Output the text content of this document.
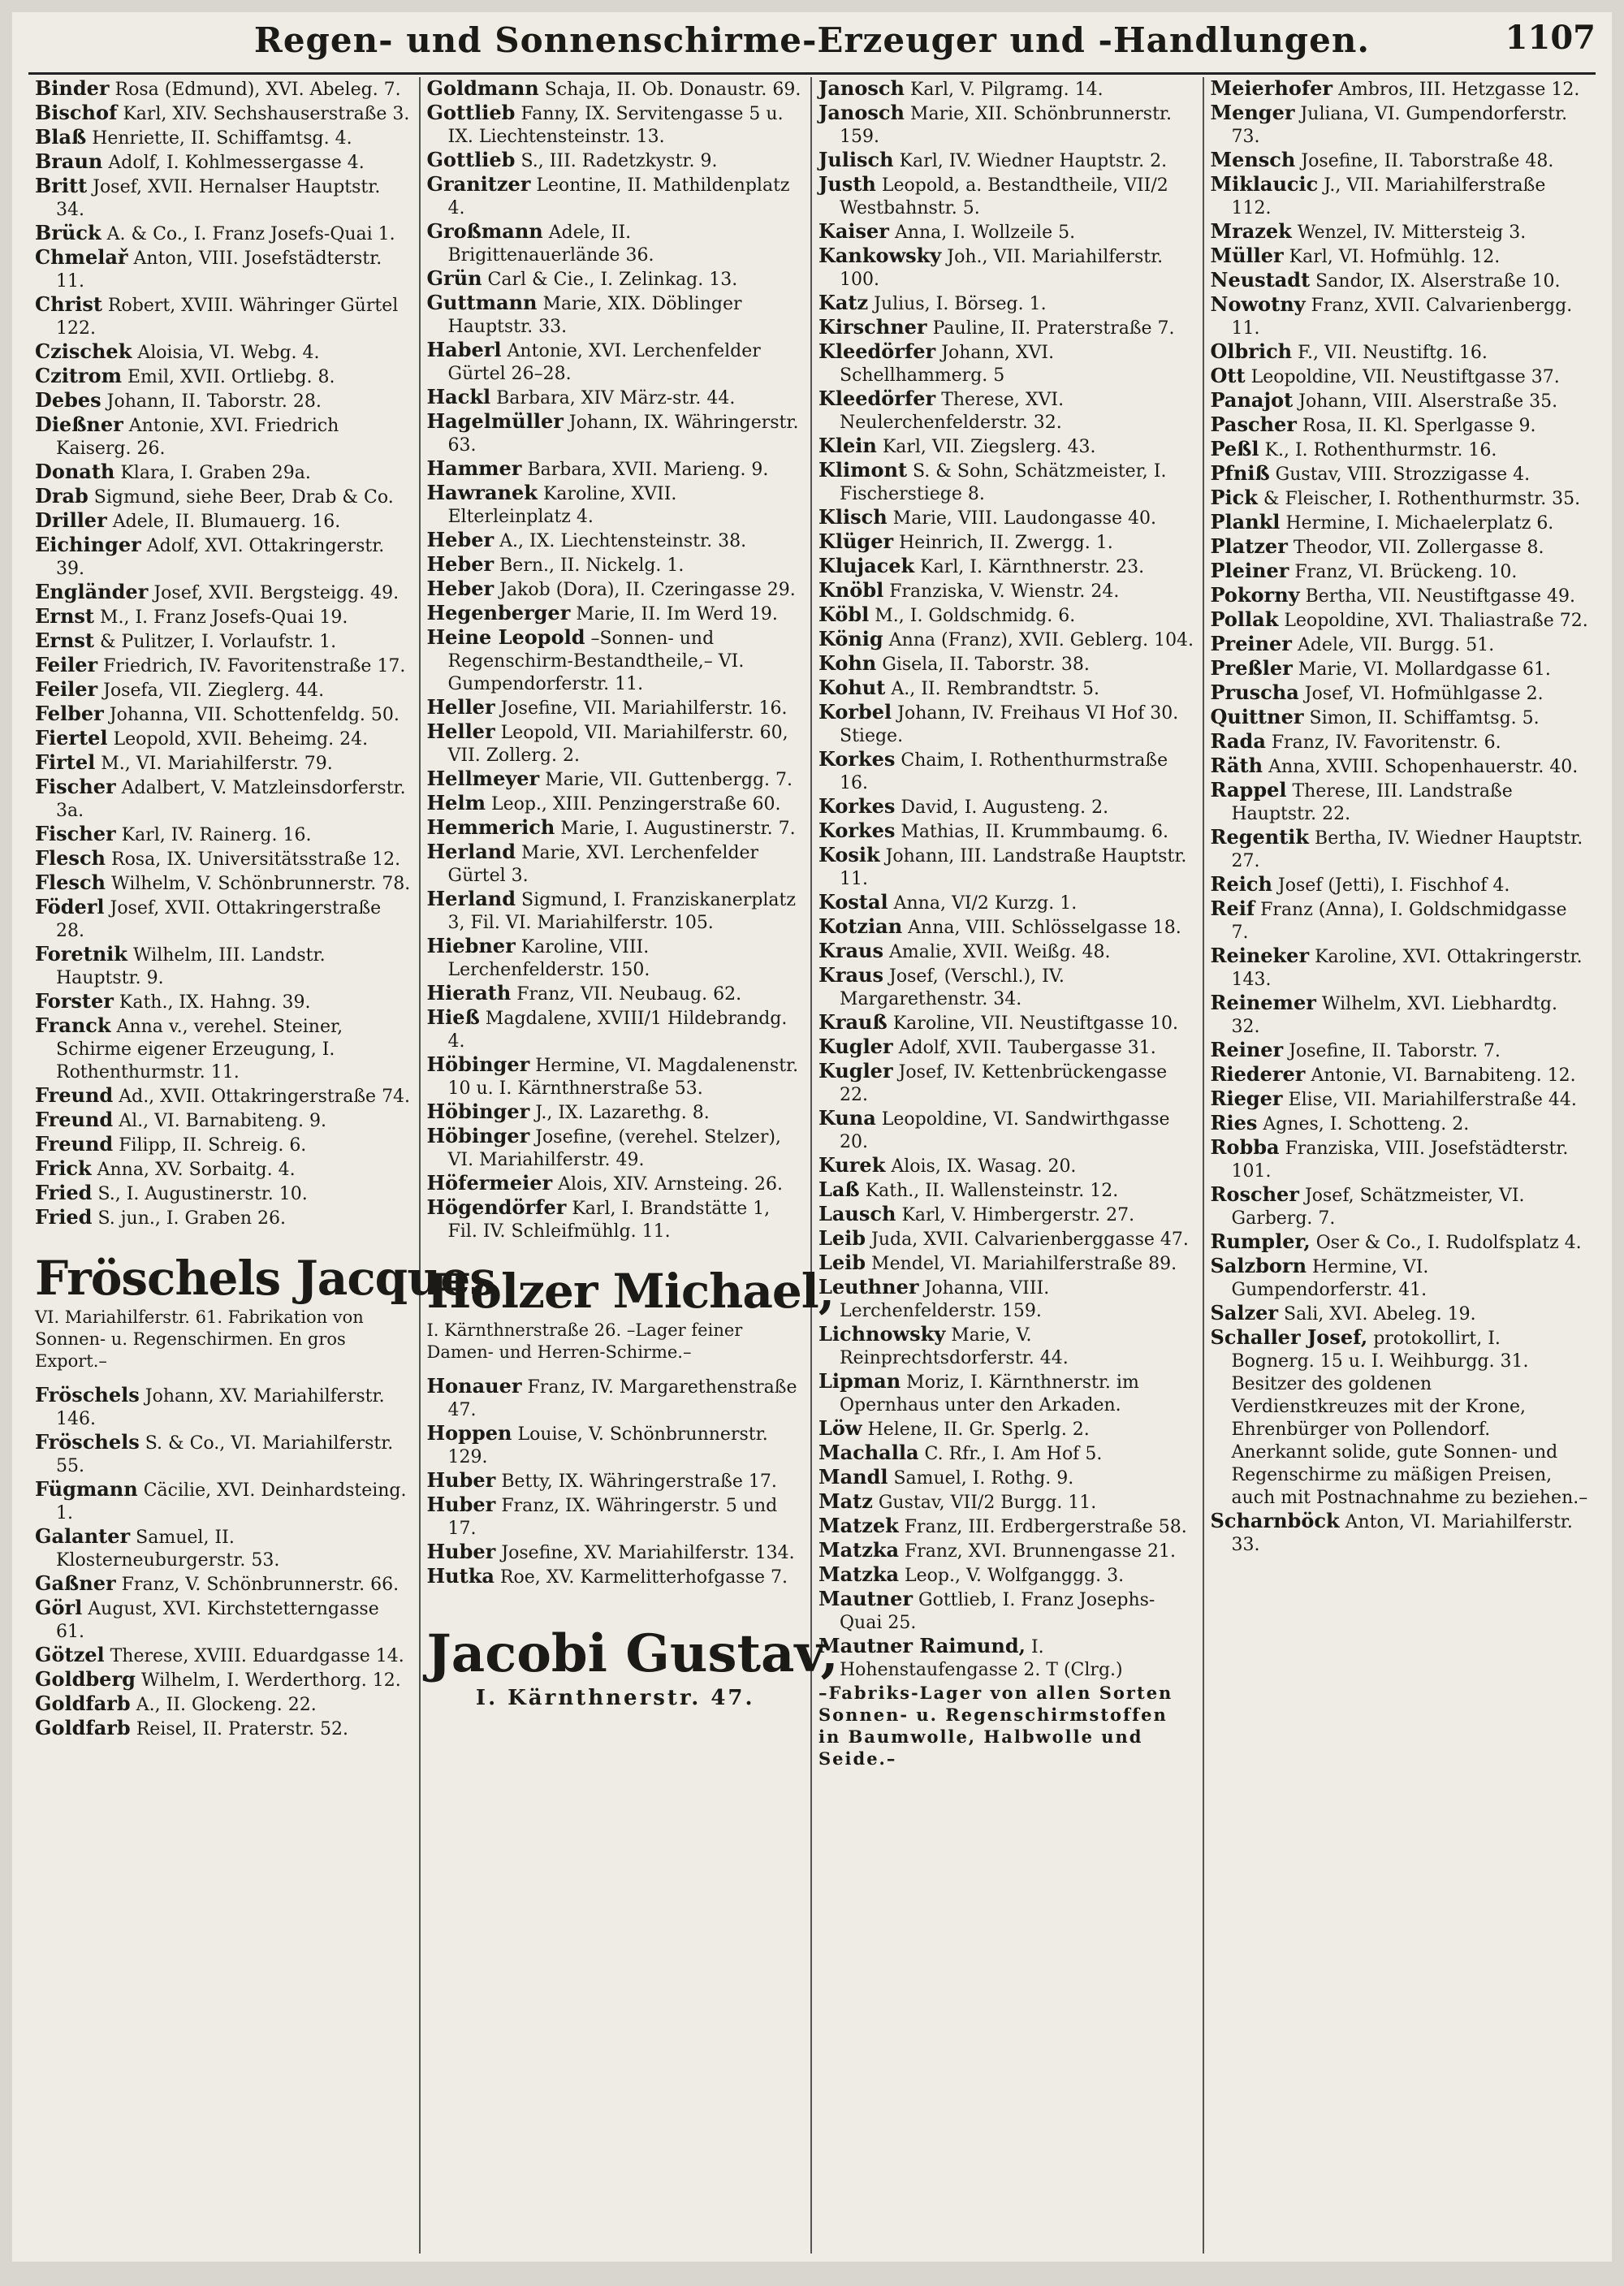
Regen- und Sonnenschirme-Erzeuger und -Handlungen.	1107
Binder Rosa (Edmund), XVI. Abeleg. 7.
Bischof Karl, XIV. Sechshauserstraße 3.
Blaß Henriette, II. Schiffamtsg. 4.
Braun Adolf, I. Kohlmessergasse 4.
Britt Josef, XVII. Hernalser Hauptstr. 34.
Brück A. & Co., I. Franz Josefs-Quai 1.
Chmelař Anton, VIII. Josefstädterstr. 11.
Christ Robert, XVIII. Währinger Gürtel 122.
Czischek Aloisia, VI. Webg. 4.
Czitrom Emil, XVII. Ortliebg. 8.
Debes Johann, II. Taborstr. 28.
Dießner Antonie, XVI. Friedrich Kaiserg. 26.
Donath Klara, I. Graben 29a.
Drab Sigmund, siehe Beer, Drab & Co.
Driller Adele, II. Blumauerg. 16.
Eichinger Adolf, XVI. Ottakringerstr. 39.
Engländer Josef, XVII. Bergsteigg. 49.
Ernst M., I. Franz Josefs-Quai 19.
Ernst & Pulitzer, I. Vorlaufstr. 1.
Feiler Friedrich, IV. Favoritenstraße 17.
Feiler Josefa, VII. Zieglerg. 44.
Felber Johanna, VII. Schottenfeldg. 50.
Fiertel Leopold, XVII. Beheimg. 24.
Firtel M., VI. Mariahilferstr. 79.
Fischer Adalbert, V. Matzleinsdorferstr. 3a.
Fischer Karl, IV. Rainerg. 16.
Flesch Rosa, IX. Universitätsstraße 12.
Flesch Wilhelm, V. Schönbrunnerstr. 78.
Föderl Josef, XVII. Ottakringerstraße 28.
Foretnik Wilhelm, III. Landstr. Hauptstr. 9.
Forster Kath., IX. Hahng. 39.
Franck Anna v., verehel. Steiner, Schirme eigener Erzeugung, I. Rothenthurmstr. 11.
Freund Ad., XVII. Ottakringerstraße 74.
Freund Al., VI. Barnabiteng. 9.
Freund Filipp, II. Schreig. 6.
Frick Anna, XV. Sorbaitg. 4.
Fried S., I. Augustinerstr. 10.
Fried S. jun., I. Graben 26.
Fröschels Jacques
VI. Mariahilferstr. 61. Fabrikation von Sonnen- u. Regenschirmen. En gros Export.–
Fröschels Johann, XV. Mariahilferstr. 146.
Fröschels S. & Co., VI. Mariahilferstr. 55.
Fügmann Cäcilie, XVI. Deinhardsteing. 1.
Galanter Samuel, II. Klosterneuburgerstr. 53.
Gaßner Franz, V. Schönbrunnerstr. 66.
Görl August, XVI. Kirchstetterngasse 61.
Götzel Therese, XVIII. Eduardgasse 14.
Goldberg Wilhelm, I. Werderthorg. 12.
Goldfarb A., II. Glockeng. 22.
Goldfarb Reisel, II. Praterstr. 52.
Goldmann Schaja, II. Ob. Donaustr. 69.
Gottlieb Fanny, IX. Servitengasse 5 u. IX. Liechtensteinstr. 13.
Gottlieb S., III. Radetzkystr. 9.
Granitzer Leontine, II. Mathildenplatz 4.
Großmann Adele, II. Brigittenauerlände 36.
Grün Carl & Cie., I. Zelinkag. 13.
Guttmann Marie, XIX. Döblinger Hauptstr. 33.
Haberl Antonie, XVI. Lerchenfelder Gürtel 26–28.
Hackl Barbara, XIV März-str. 44.
Hagelmüller Johann, IX. Währingerstr. 63.
Hammer Barbara, XVII. Marieng. 9.
Hawranek Karoline, XVII. Elterleinplatz 4.
Heber A., IX. Liechtensteinstr. 38.
Heber Bern., II. Nickelg. 1.
Heber Jakob (Dora), II. Czeringasse 29.
Hegenberger Marie, II. Im Werd 19.
Heine Leopold –Sonnen- und Regenschirm-Bestandtheile,– VI. Gumpendorferstr. 11.
Heller Josefine, VII. Mariahilferstr. 16.
Heller Leopold, VII. Mariahilferstr. 60, VII. Zollerg. 2.
Hellmeyer Marie, VII. Guttenbergg. 7.
Helm Leop., XIII. Penzingerstraße 60.
Hemmerich Marie, I. Augustinerstr. 7.
Herland Marie, XVI. Lerchenfelder Gürtel 3.
Herland Sigmund, I. Franziskanerplatz 3, Fil. VI. Mariahilferstr. 105.
Hiebner Karoline, VIII. Lerchenfelderstr. 150.
Hierath Franz, VII. Neubaug. 62.
Hieß Magdalene, XVIII/1 Hildebrandg. 4.
Höbinger Hermine, VI. Magdalenenstr. 10 u. I. Kärnthnerstraße 53.
Höbinger J., IX. Lazarethg. 8.
Höbinger Josefine, (verehel. Stelzer), VI. Mariahilferstr. 49.
Höfermeier Alois, XIV. Arnsteing. 26.
Högendörfer Karl, I. Brandstätte 1, Fil. IV. Schleifmühlg. 11.
Holzer Michael,
I. Kärnthnerstraße 26. –Lager feiner Damen- und Herren-Schirme.–
Honauer Franz, IV. Margarethenstraße 47.
Hoppen Louise, V. Schönbrunnerstr. 129.
Huber Betty, IX. Währingerstraße 17.
Huber Franz, IX. Währingerstr. 5 und 17.
Huber Josefine, XV. Mariahilferstr. 134.
Hutka Roe, XV. Karmelitterhofgasse 7.
Jacobi Gustav,
I. Kärnthnerstr. 47.
Janosch Karl, V. Pilgramg. 14.
Janosch Marie, XII. Schönbrunnerstr. 159.
Julisch Karl, IV. Wiedner Hauptstr. 2.
Justh Leopold, a. Bestandtheile, VII/2 Westbahnstr. 5.
Kaiser Anna, I. Wollzeile 5.
Kankowsky Joh., VII. Mariahilferstr. 100.
Katz Julius, I. Börseg. 1.
Kirschner Pauline, II. Praterstraße 7.
Kleedörfer Johann, XVI. Schellhammerg. 5
Kleedörfer Therese, XVI. Neulerchenfelderstr. 32.
Klein Karl, VII. Ziegslerg. 43.
Klimont S. & Sohn, Schätzmeister, I. Fischerstiege 8.
Klisch Marie, VIII. Laudongasse 40.
Klüger Heinrich, II. Zwergg. 1.
Klujacek Karl, I. Kärnthnerstr. 23.
Knöbl Franziska, V. Wienstr. 24.
Köbl M., I. Goldschmidg. 6.
König Anna (Franz), XVII. Geblerg. 104.
Kohn Gisela, II. Taborstr. 38.
Kohut A., II. Rembrandtstr. 5.
Korbel Johann, IV. Freihaus VI Hof 30. Stiege.
Korkes Chaim, I. Rothenthurmstraße 16.
Korkes David, I. Augusteng. 2.
Korkes Mathias, II. Krummbaumg. 6.
Kosik Johann, III. Landstraße Hauptstr. 11.
Kostal Anna, VI/2 Kurzg. 1.
Kotzian Anna, VIII. Schlösselgasse 18.
Kraus Amalie, XVII. Weißg. 48.
Kraus Josef, (Verschl.), IV. Margarethenstr. 34.
Krauß Karoline, VII. Neustiftgasse 10.
Kugler Adolf, XVII. Taubergasse 31.
Kugler Josef, IV. Kettenbrückengasse 22.
Kuna Leopoldine, VI. Sandwirthgasse 20.
Kurek Alois, IX. Wasag. 20.
Laß Kath., II. Wallensteinstr. 12.
Lausch Karl, V. Himbergerstr. 27.
Leib Juda, XVII. Calvarienberggasse 47.
Leib Mendel, VI. Mariahilferstraße 89.
Leuthner Johanna, VIII. Lerchenfelderstr. 159.
Lichnowsky Marie, V. Reinprechtsdorferstr. 44.
Lipman Moriz, I. Kärnthnerstr. im Opernhaus unter den Arkaden.
Löw Helene, II. Gr. Sperlg. 2.
Machalla C. Rfr., I. Am Hof 5.
Mandl Samuel, I. Rothg. 9.
Matz Gustav, VII/2 Burgg. 11.
Matzek Franz, III. Erdbergerstraße 58.
Matzka Franz, XVI. Brunnengasse 21.
Matzka Leop., V. Wolfganggg. 3.
Mautner Gottlieb, I. Franz Josephs-Quai 25.
Mautner Raimund, I. Hohenstaufengasse 2. T (Clrg.)
–Fabriks-Lager von allen Sorten Sonnen- u. Regenschirmstoffen in Baumwolle, Halbwolle und Seide.–
Meierhofer Ambros, III. Hetzgasse 12.
Menger Juliana, VI. Gumpendorferstr. 73.
Mensch Josefine, II. Taborstraße 48.
Miklaucic J., VII. Mariahilferstraße 112.
Mrazek Wenzel, IV. Mittersteig 3.
Müller Karl, VI. Hofmühlg. 12.
Neustadt Sandor, IX. Alserstraße 10.
Nowotny Franz, XVII. Calvarienbergg. 11.
Olbrich F., VII. Neustiftg. 16.
Ott Leopoldine, VII. Neustiftgasse 37.
Panajot Johann, VIII. Alserstraße 35.
Pascher Rosa, II. Kl. Sperlgasse 9.
Peßl K., I. Rothenthurmstr. 16.
Pfniß Gustav, VIII. Strozzigasse 4.
Pick & Fleischer, I. Rothenthurmstr. 35.
Plankl Hermine, I. Michaelerplatz 6.
Platzer Theodor, VII. Zollergasse 8.
Pleiner Franz, VI. Brückeng. 10.
Pokorny Bertha, VII. Neustiftgasse 49.
Pollak Leopoldine, XVI. Thaliastraße 72.
Preiner Adele, VII. Burgg. 51.
Preßler Marie, VI. Mollardgasse 61.
Pruscha Josef, VI. Hofmühlgasse 2.
Quittner Simon, II. Schiffamtsg. 5.
Rada Franz, IV. Favoritenstr. 6.
Räth Anna, XVIII. Schopenhauerstr. 40.
Rappel Therese, III. Landstraße Hauptstr. 22.
Regentik Bertha, IV. Wiedner Hauptstr. 27.
Reich Josef (Jetti), I. Fischhof 4.
Reif Franz (Anna), I. Goldschmidgasse 7.
Reineker Karoline, XVI. Ottakringerstr. 143.
Reinemer Wilhelm, XVI. Liebhardtg. 32.
Reiner Josefine, II. Taborstr. 7.
Riederer Antonie, VI. Barnabiteng. 12.
Rieger Elise, VII. Mariahilferstraße 44.
Ries Agnes, I. Schotteng. 2.
Robba Franziska, VIII. Josefstädterstr. 101.
Roscher Josef, Schätzmeister, VI. Garberg. 7.
Rumpler, Oser & Co., I. Rudolfsplatz 4.
Salzborn Hermine, VI. Gumpendorferstr. 41.
Salzer Sali, XVI. Abeleg. 19.
Schaller Josef, protokollirt, I. Bognerg. 15 u. I. Weihburgg. 31. Besitzer des goldenen Verdienstkreuzes mit der Krone, Ehrenbürger von Pollendorf. Anerkannt solide, gute Sonnen- und Regenschirme zu mäßigen Preisen, auch mit Postnachnahme zu beziehen.–
Scharnböck Anton, VI. Mariahilferstr. 33.
